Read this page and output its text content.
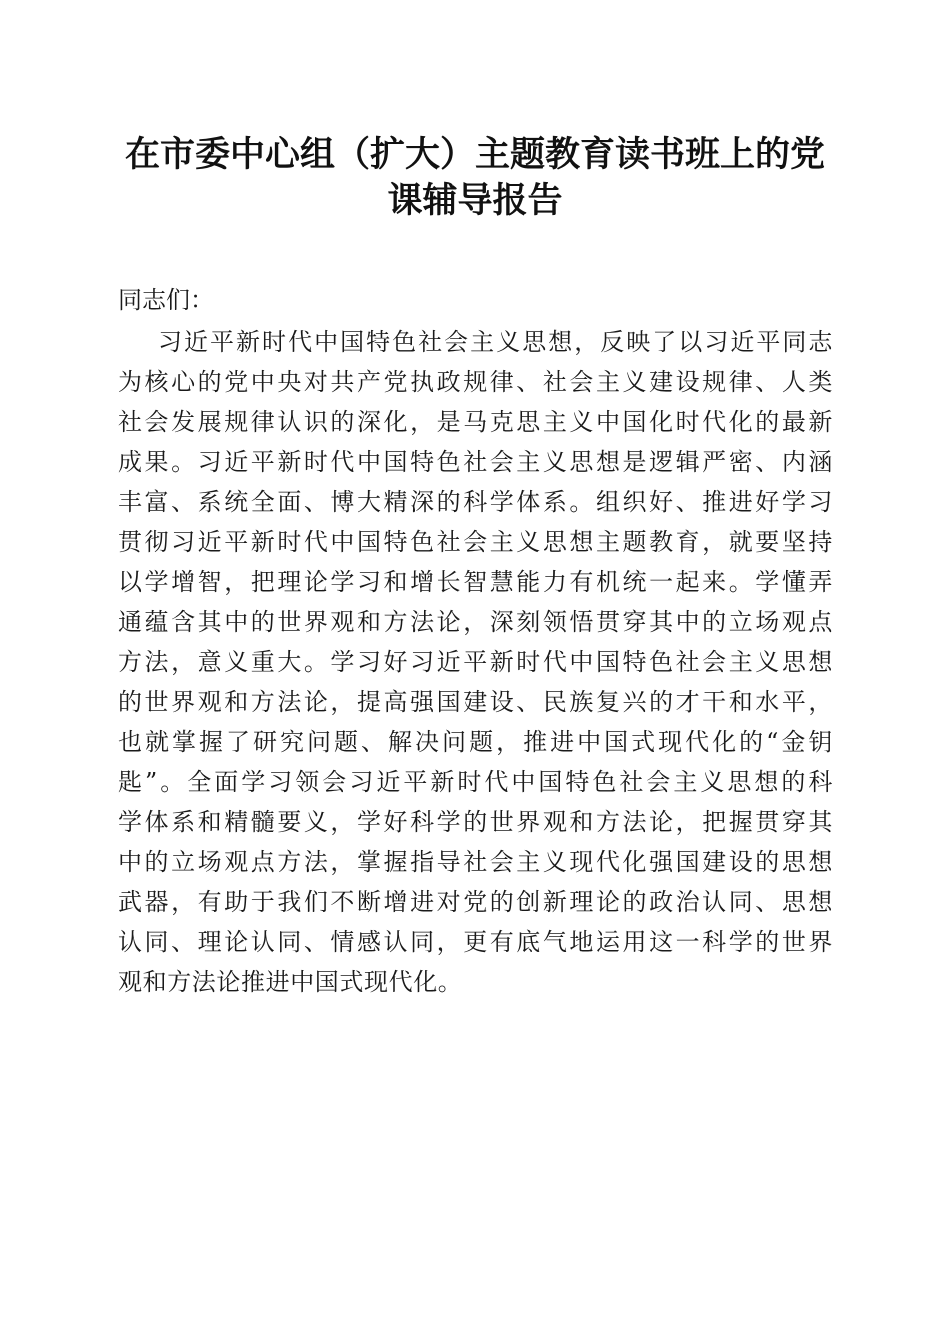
在市委中心组（扩大）主题教育读书班上的党
课辅导报告

同志们：

习近平新时代中国特色社会主义思想，反映了以习近平同志
为核心的党中央对共产党执政规律、社会主义建设规律、人类
社会发展规律认识的深化，是马克思主义中国化时代化的最新
成果。习近平新时代中国特色社会主义思想是逻辑严密、内涵
丰富、系统全面、博大精深的科学体系。组织好、推进好学习
贯彻习近平新时代中国特色社会主义思想主题教育，就要坚持
以学增智，把理论学习和增长智慧能力有机统一起来。学懂弄
通蕴含其中的世界观和方法论，深刻领悟贯穿其中的立场观点
方法，意义重大。学习好习近平新时代中国特色社会主义思想
的世界观和方法论，提高强国建设、民族复兴的才干和水平，
也就掌握了研究问题、解决问题，推进中国式现代化的“金钥
匙”。全面学习领会习近平新时代中国特色社会主义思想的科
学体系和精髓要义，学好科学的世界观和方法论，把握贯穿其
中的立场观点方法，掌握指导社会主义现代化强国建设的思想
武器，有助于我们不断增进对党的创新理论的政治认同、思想
认同、理论认同、情感认同，更有底气地运用这一科学的世界
观和方法论推进中国式现代化。
